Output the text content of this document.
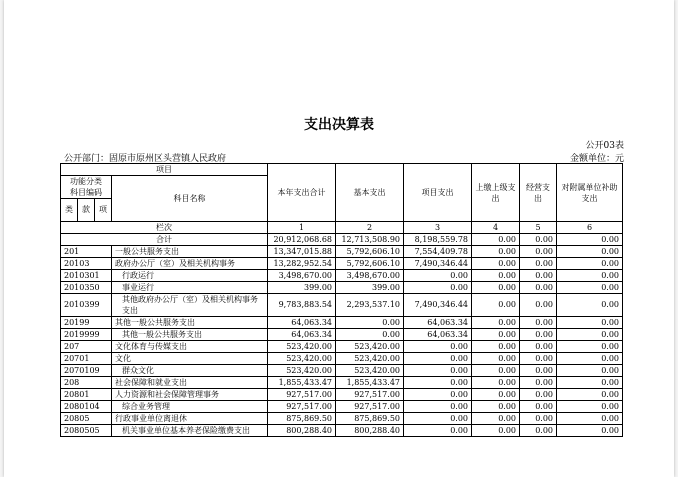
支出决算表
公开03表
公开部门：固原市原州区头营镇人民政府	金额单位：元
项目				本年支出合计	基本支出	项目支出	上缴上级支出	经营支出	对附属单位补助支出
功能分类
科目编码			科目名称						
类	款	项							
栏次				1	2	3	4	5	6
合计				20,912,068.68	12,713,508.90	8,198,559.78	0.00	0.00	0.00
201			一般公共服务支出	13,347,015.88	5,792,606.10	7,554,409.78	0.00	0.00	0.00
20103			政府办公厅（室）及相关机构事务	13,282,952.54	5,792,606.10	7,490,346.44	0.00	0.00	0.00
2010301			行政运行	3,498,670.00	3,498,670.00	0.00	0.00	0.00	0.00
2010350			事业运行	399.00	399.00	0.00	0.00	0.00	0.00
2010399			其他政府办公厅（室）及相关机构事务支出	9,783,883.54	2,293,537.10	7,490,346.44	0.00	0.00	0.00
20199			其他一般公共服务支出	64,063.34	0.00	64,063.34	0.00	0.00	0.00
2019999			其他一般公共服务支出	64,063.34	0.00	64,063.34	0.00	0.00	0.00
207			文化体育与传媒支出	523,420.00	523,420.00	0.00	0.00	0.00	0.00
20701			文化	523,420.00	523,420.00	0.00	0.00	0.00	0.00
2070109			群众文化	523,420.00	523,420.00	0.00	0.00	0.00	0.00
208			社会保障和就业支出	1,855,433.47	1,855,433.47	0.00	0.00	0.00	0.00
20801			人力资源和社会保障管理事务	927,517.00	927,517.00	0.00	0.00	0.00	0.00
2080104			综合业务管理	927,517.00	927,517.00	0.00	0.00	0.00	0.00
20805			行政事业单位离退休	875,869.50	875,869.50	0.00	0.00	0.00	0.00
2080505			机关事业单位基本养老保险缴费支出	800,288.40	800,288.40	0.00	0.00	0.00	0.00
